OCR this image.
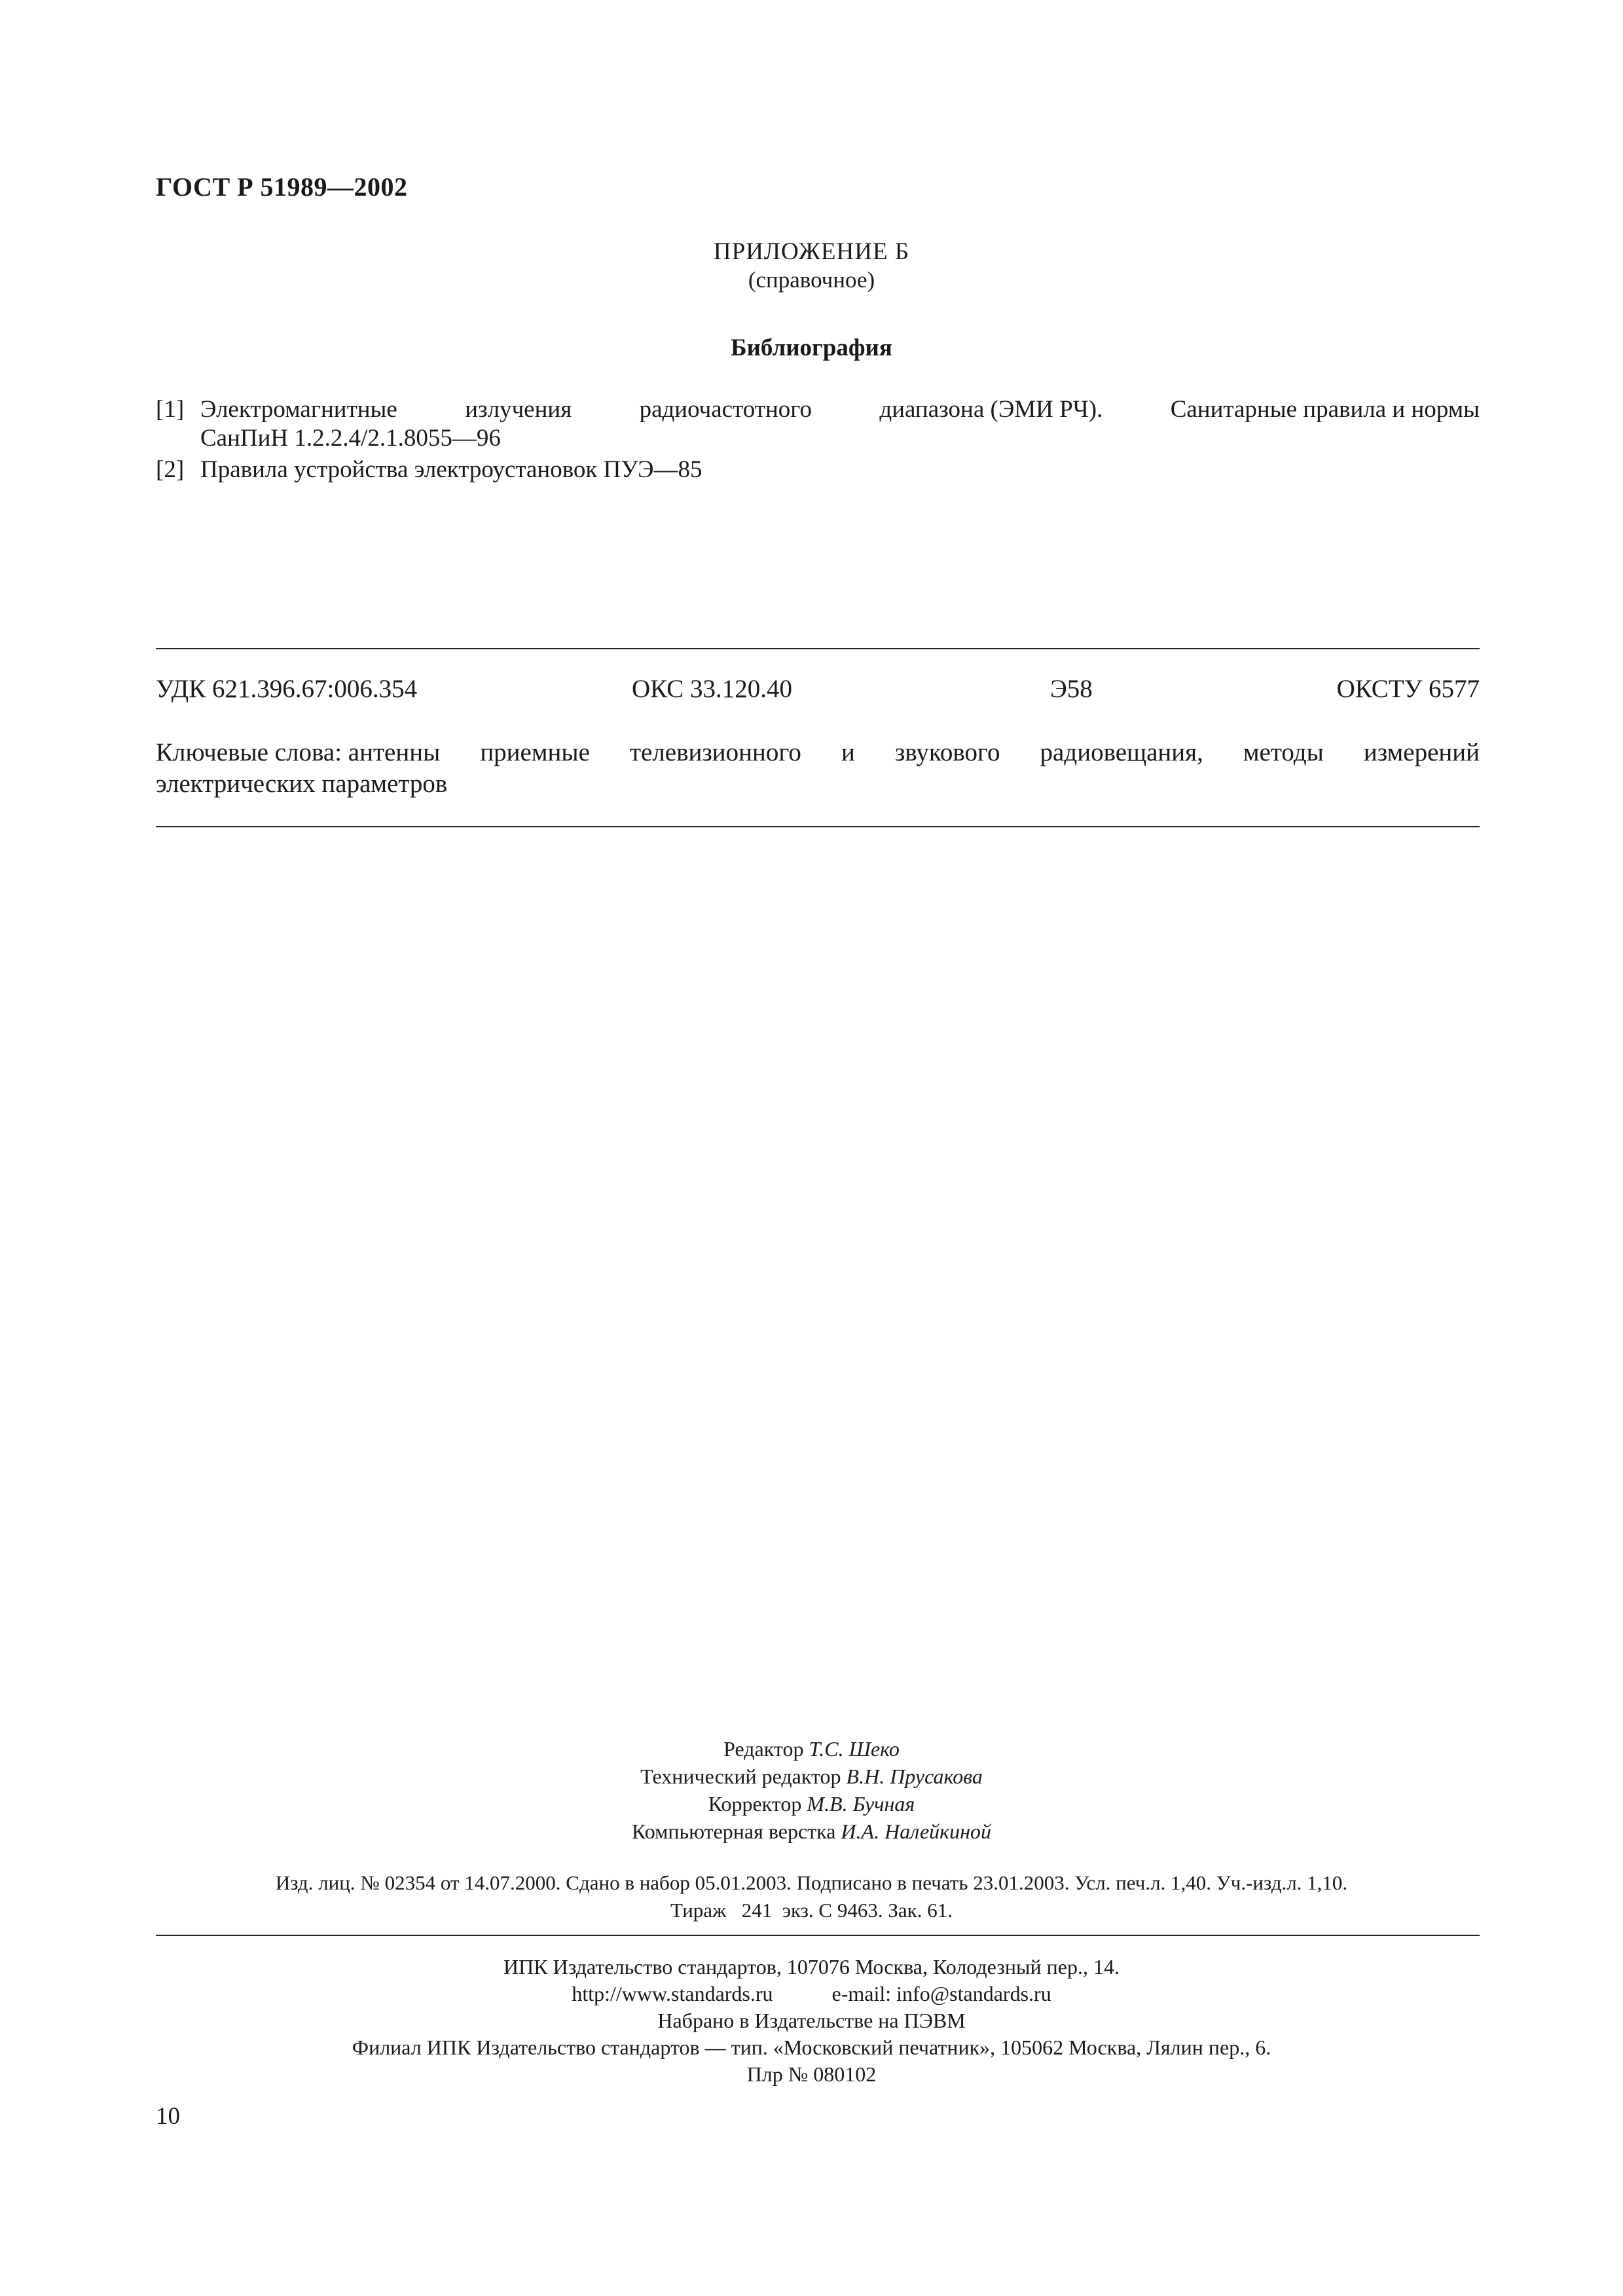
ГОСТ Р 51989—2002
ПРИЛОЖЕНИЕ Б
(справочное)
Библиография
[1] Электромагнитные	излучения	радиочастотного	диапазона (ЭМИ РЧ).	Санитарные правила и нормы
СанПиН 1.2.2.4/2.1.8055—96
[2] Правила устройства электроустановок ПУЭ—85
УДК 621.396.67:006.354	ОКС 33.120.40	Э58	ОКСТУ 6577
Ключевые слова: антенны приемные телевизионного и звукового радиовещания, методы измерений
электрических параметров
Редактор Т.С. Шеко
Технический редактор В.Н. Прусакова
Корректор М.В. Бучная
Компьютерная верстка И.А. Налейкиной
Изд. лиц. № 02354 от 14.07.2000. Сдано в набор 05.01.2003. Подписано в печать 23.01.2003. Усл. печ.л. 1,40. Уч.-изд.л. 1,10.
Тираж   241  экз. С 9463. Зак. 61.
ИПК Издательство стандартов, 107076 Москва, Колодезный пер., 14.
http://www.standards.ru	e-mail: info@standards.ru
Набрано в Издательстве на ПЭВМ
Филиал ИПК Издательство стандартов — тип. «Московский печатник», 105062 Москва, Лялин пер., 6.
Плр № 080102
10
